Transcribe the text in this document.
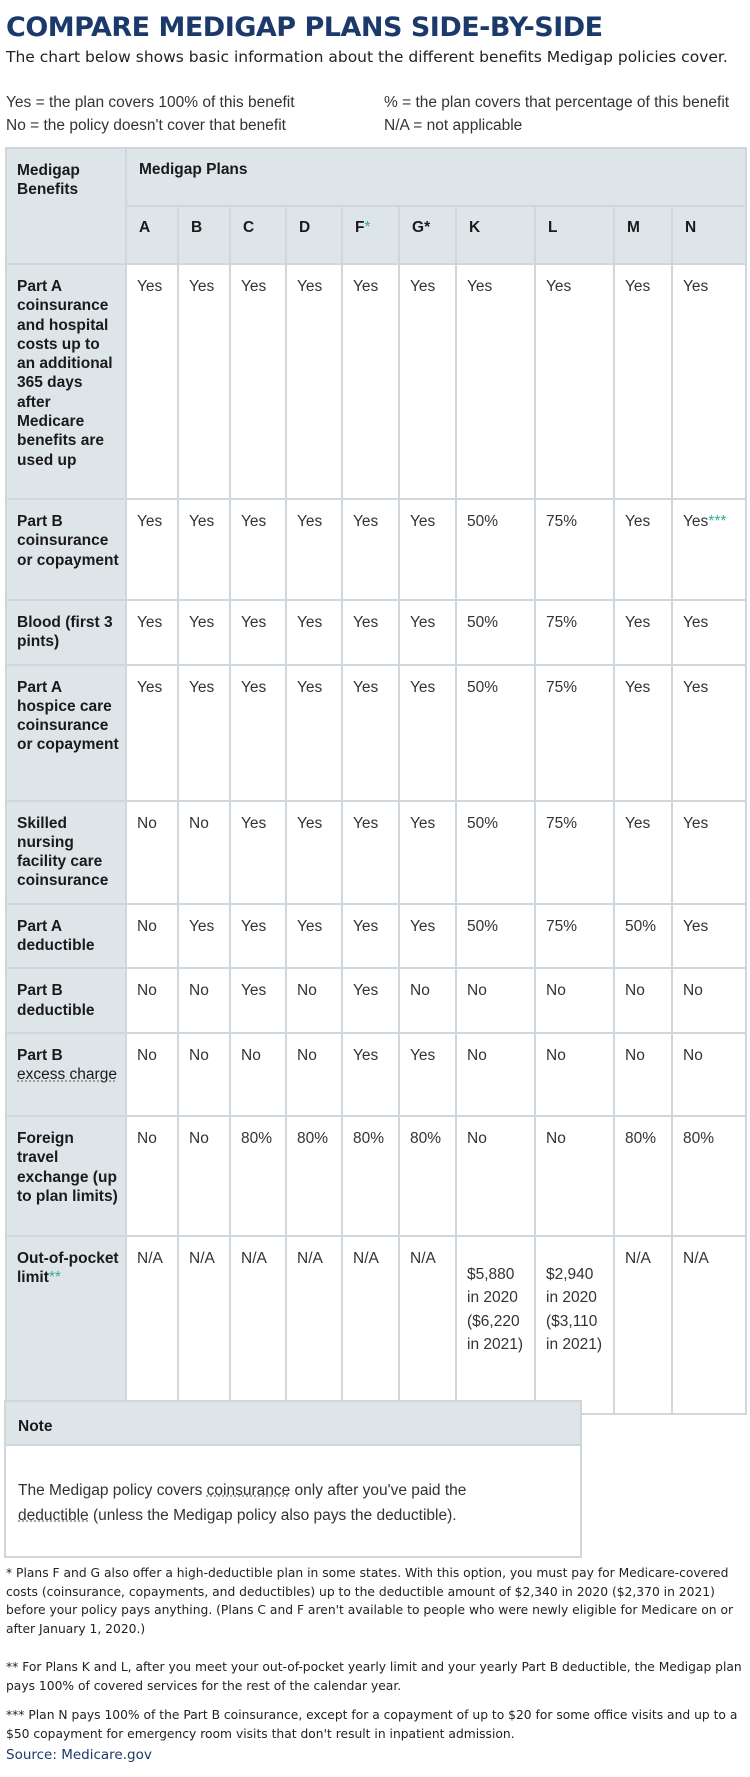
COMPARE MEDIGAP PLANS SIDE-BY-SIDE
The chart below shows basic information about the different benefits Medigap policies cover.
Yes = the plan covers 100% of this benefit	% = the plan covers that percentage of this benefit
No = the policy doesn't cover that benefit	N/A = not applicable
Medigap Benefits	Medigap Plans									
	A	B	C	D	F*	G*	K	L	M	N
Part A coinsurance and hospital costs up to an additional 365 days after Medicare benefits are used up	Yes	Yes	Yes	Yes	Yes	Yes	Yes	Yes	Yes	Yes
Part B coinsurance or copayment	Yes	Yes	Yes	Yes	Yes	Yes	50%	75%	Yes	Yes***
Blood (first 3 pints)	Yes	Yes	Yes	Yes	Yes	Yes	50%	75%	Yes	Yes
Part A hospice care coinsurance or copayment	Yes	Yes	Yes	Yes	Yes	Yes	50%	75%	Yes	Yes
Skilled nursing facility care coinsurance	No	No	Yes	Yes	Yes	Yes	50%	75%	Yes	Yes
Part A deductible	No	Yes	Yes	Yes	Yes	Yes	50%	75%	50%	Yes
Part B deductible	No	No	Yes	No	Yes	No	No	No	No	No
Part B
excess charge	No	No	No	No	Yes	Yes	No	No	No	No
Foreign travel exchange (up to plan limits)	No	No	80%	80%	80%	80%	No	No	80%	80%
Out-of-pocket limit**	N/A	N/A	N/A	N/A	N/A	N/A	$5,880 in 2020 ($6,220 in 2021)	$2,940 in 2020 ($3,110 in 2021)	N/A	N/A
Note
The Medigap policy covers coinsurance only after you've paid the deductible (unless the Medigap policy also pays the deductible).
* Plans F and G also offer a high-deductible plan in some states. With this option, you must pay for Medicare-covered costs (coinsurance, copayments, and deductibles) up to the deductible amount of $2,340 in 2020 ($2,370 in 2021) before your policy pays anything. (Plans C and F aren't available to people who were newly eligible for Medicare on or after January 1, 2020.)
** For Plans K and L, after you meet your out-of-pocket yearly limit and your yearly Part B deductible, the Medigap plan pays 100% of covered services for the rest of the calendar year.
*** Plan N pays 100% of the Part B coinsurance, except for a copayment of up to $20 for some office visits and up to a $50 copayment for emergency room visits that don't result in inpatient admission.
Source: Medicare.gov
